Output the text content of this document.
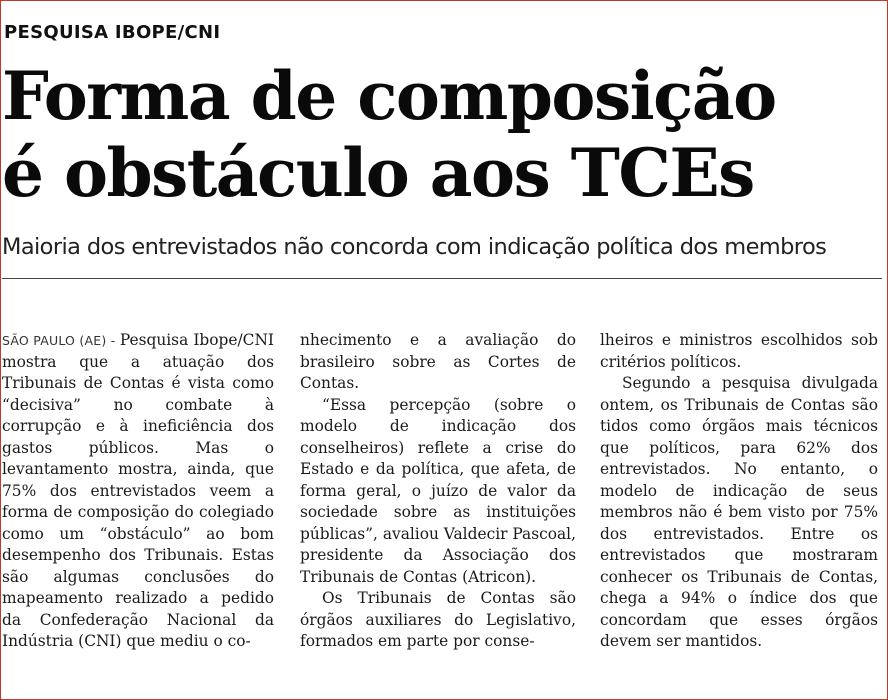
PESQUISA IBOPE/CNI
Forma de composição
é obstáculo aos TCEs
Maioria dos entrevistados não concorda com indicação política dos membros

SÃO PAULO (AE) - Pesquisa Ibope/CNI mostra que a atuação dos Tribunais de Contas é vista como “decisiva” no combate à corrupção e à ineficiência dos gastos públicos. Mas o levantamento mostra, ainda, que 75% dos entrevistados veem a forma de composição do colegiado como um “obstáculo” ao bom desempenho dos Tribunais. Estas são algumas conclusões do mapeamento realizado a pedido da Confederação Nacional da Indústria (CNI) que mediu o co-

nhecimento e a avaliação do brasileiro sobre as Cortes de Contas.

“Essa percepção (sobre o modelo de indicação dos conselheiros) reflete a crise do Estado e da política, que afeta, de forma geral, o juízo de valor da sociedade sobre as instituições públicas”, avaliou Valdecir Pascoal, presidente da Associação dos Tribunais de Contas (Atricon).

Os Tribunais de Contas são órgãos auxiliares do Legislativo, formados em parte por conse-

lheiros e ministros escolhidos sob critérios políticos.

Segundo a pesquisa divulgada ontem, os Tribunais de Contas são tidos como órgãos mais técnicos que políticos, para 62% dos entrevistados. No entanto, o modelo de indicação de seus membros não é bem visto por 75% dos entrevistados. Entre os entrevistados que mostraram conhecer os Tribunais de Contas, chega a 94% o índice dos que concordam que esses órgãos devem ser mantidos.
